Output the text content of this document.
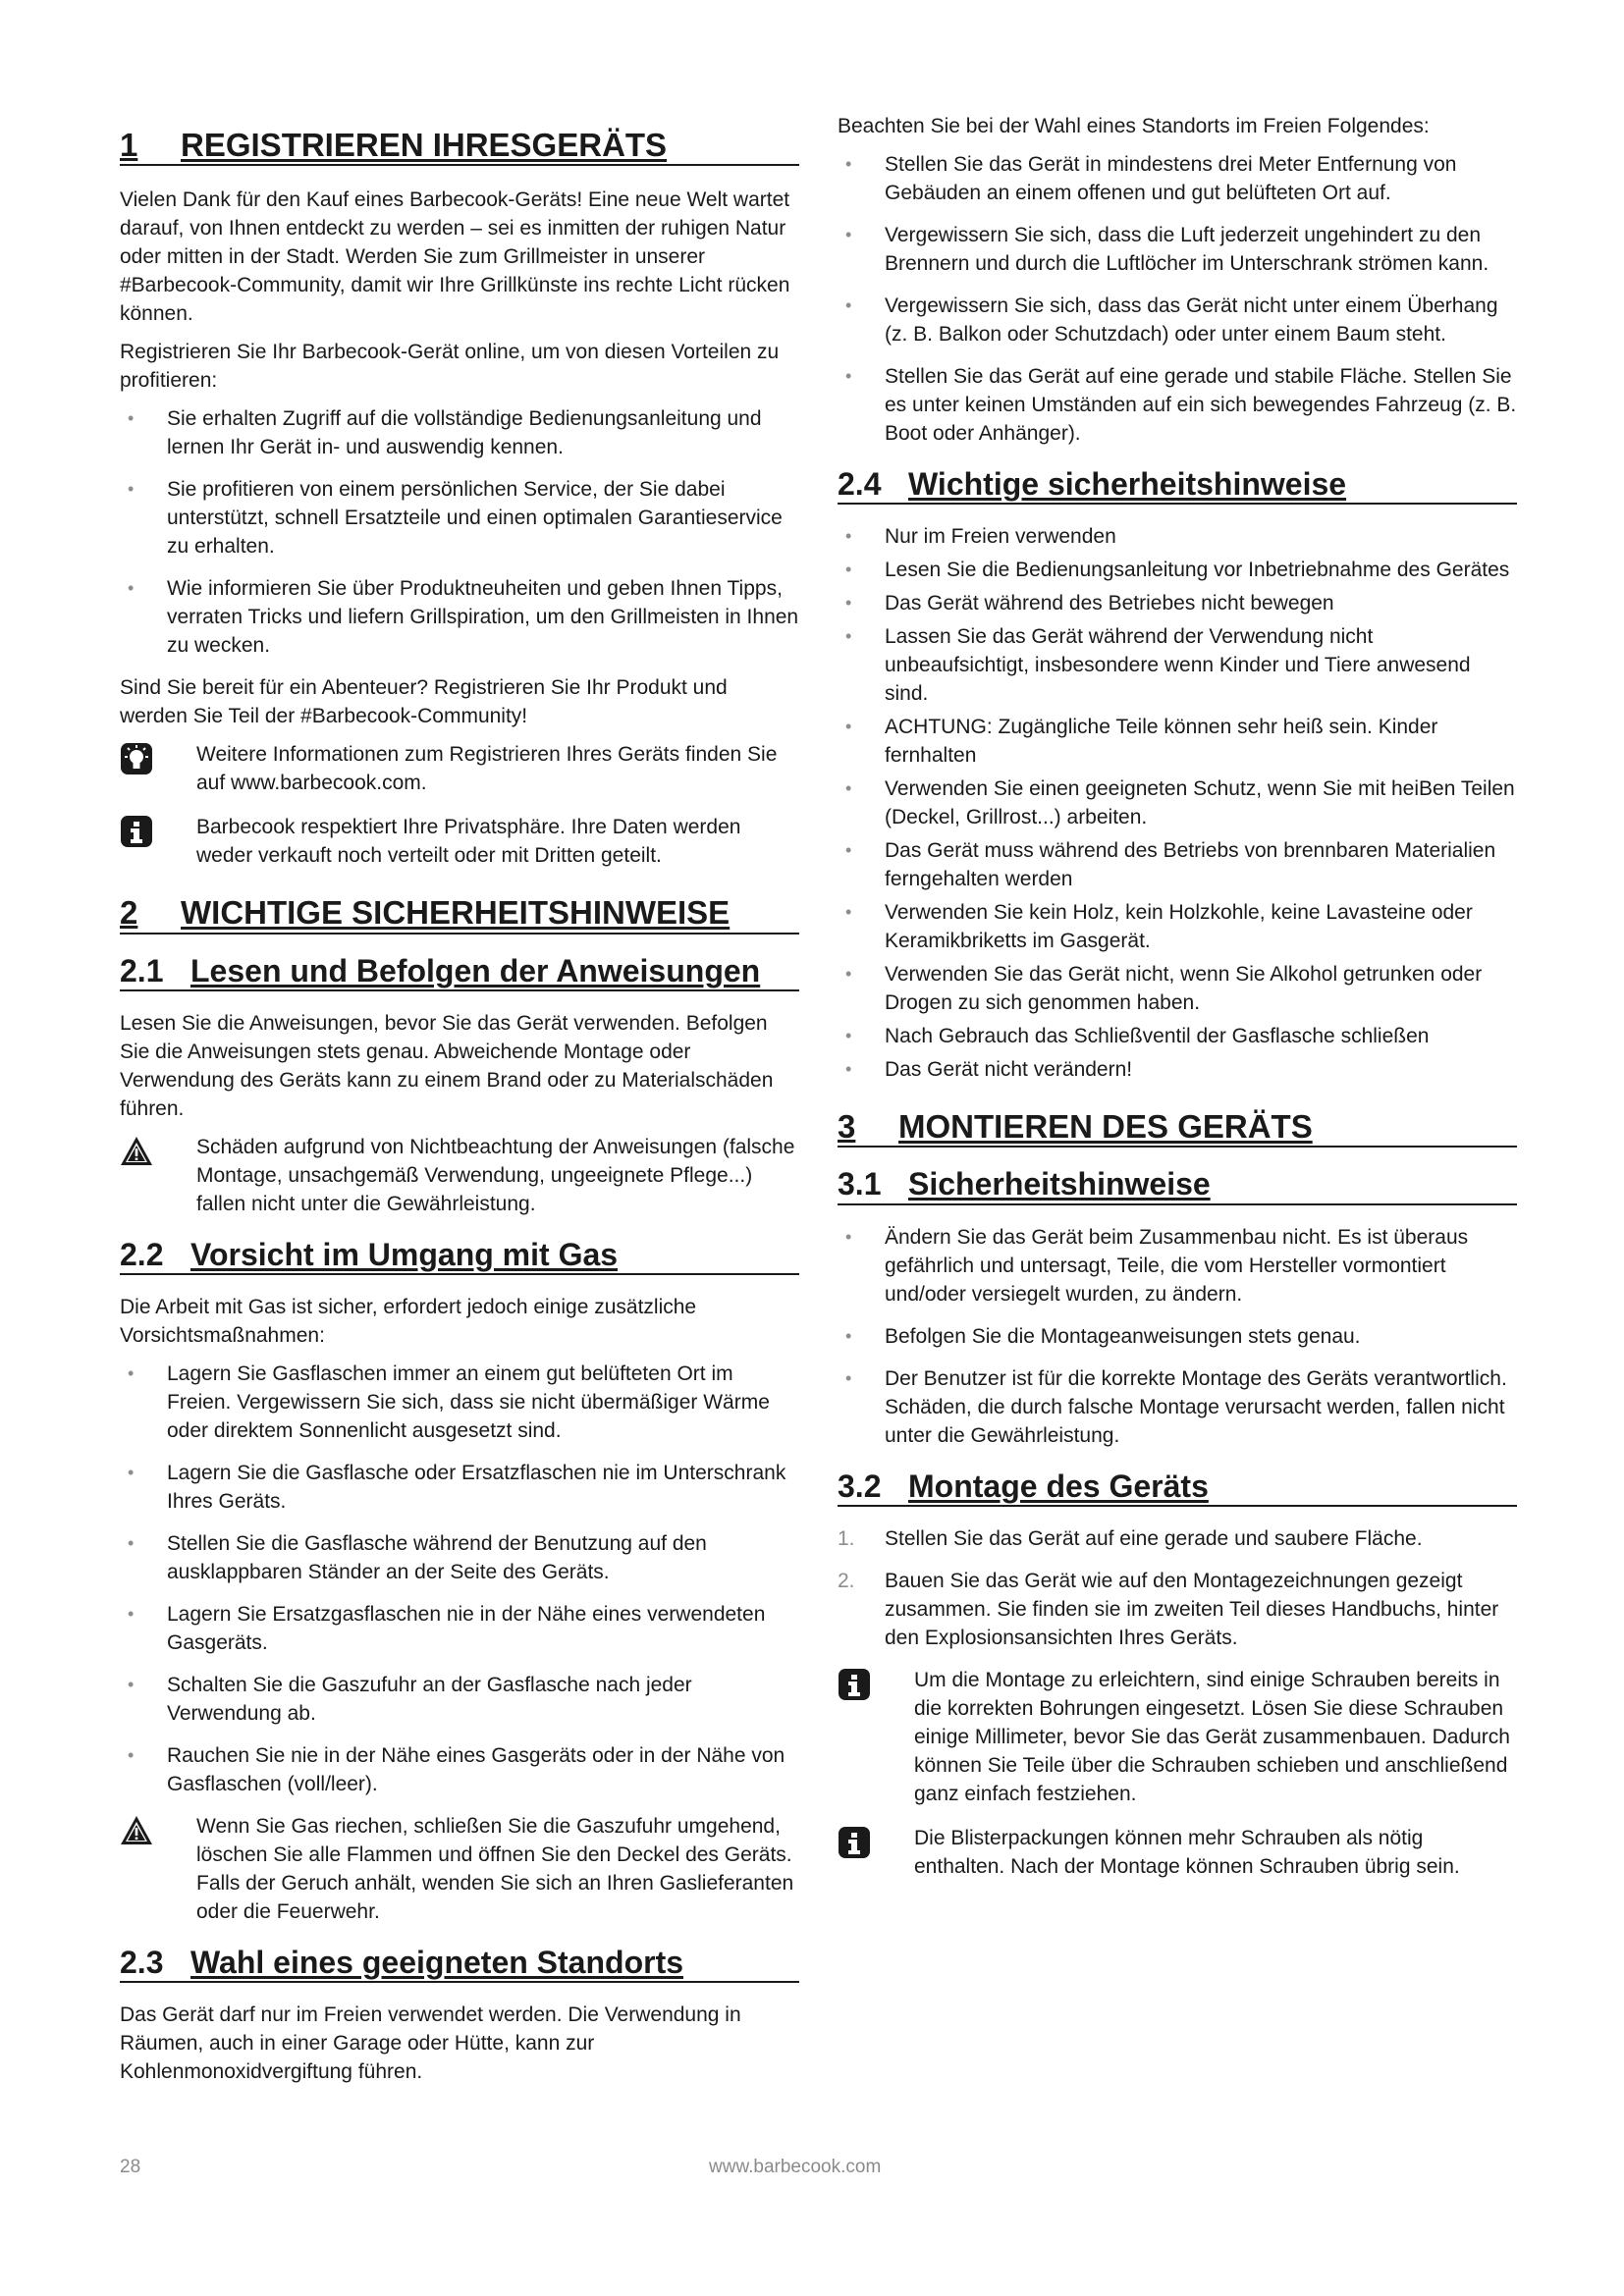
1	REGISTRIEREN IHRESGERÄTS

Vielen Dank für den Kauf eines Barbecook-Geräts! Eine neue Welt wartet darauf, von Ihnen entdeckt zu werden – sei es inmitten der ruhigen Natur oder mitten in der Stadt. Werden Sie zum Grillmeister in unserer #Barbecook-Community, damit wir Ihre Grillkünste ins rechte Licht rücken können.

Registrieren Sie Ihr Barbecook-Gerät online, um von diesen Vorteilen zu profitieren:

• Sie erhalten Zugriff auf die vollständige Bedienungsanleitung und lernen Ihr Gerät in- und auswendig kennen.
• Sie profitieren von einem persönlichen Service, der Sie dabei unterstützt, schnell Ersatzteile und einen optimalen Garantieservice zu erhalten.
• Wie informieren Sie über Produktneuheiten und geben Ihnen Tipps, verraten Tricks und liefern Grillspiration, um den Grillmeisten in Ihnen zu wecken.

Sind Sie bereit für ein Abenteuer? Registrieren Sie Ihr Produkt und werden Sie Teil der #Barbecook-Community!

Weitere Informationen zum Registrieren Ihres Geräts finden Sie auf www.barbecook.com.
Barbecook respektiert Ihre Privatsphäre. Ihre Daten werden weder verkauft noch verteilt oder mit Dritten geteilt.
2	WICHTIGE SICHERHEITSHINWEISE
2.1 Lesen und Befolgen der Anweisungen

Lesen Sie die Anweisungen, bevor Sie das Gerät verwenden. Befolgen Sie die Anweisungen stets genau. Abweichende Montage oder Verwendung des Geräts kann zu einem Brand oder zu Materialschäden führen.

Schäden aufgrund von Nichtbeachtung der Anweisungen (falsche Montage, unsachgemäß Verwendung, ungeeignete Pflege...) fallen nicht unter die Gewährleistung.
2.2 Vorsicht im Umgang mit Gas

Die Arbeit mit Gas ist sicher, erfordert jedoch einige zusätzliche Vorsichtsmaßnahmen:

• Lagern Sie Gasflaschen immer an einem gut belüfteten Ort im Freien. Vergewissern Sie sich, dass sie nicht übermäßiger Wärme oder direktem Sonnenlicht ausgesetzt sind.
• Lagern Sie die Gasflasche oder Ersatzflaschen nie im Unterschrank Ihres Geräts.
• Stellen Sie die Gasflasche während der Benutzung auf den ausklappbaren Ständer an der Seite des Geräts.
• Lagern Sie Ersatzgasflaschen nie in der Nähe eines verwendeten Gasgeräts.
• Schalten Sie die Gaszufuhr an der Gasflasche nach jeder Verwendung ab.
• Rauchen Sie nie in der Nähe eines Gasgeräts oder in der Nähe von Gasflaschen (voll/leer).
Wenn Sie Gas riechen, schließen Sie die Gaszufuhr umgehend, löschen Sie alle Flammen und öffnen Sie den Deckel des Geräts. Falls der Geruch anhält, wenden Sie sich an Ihren Gaslieferanten oder die Feuerwehr.
2.3 Wahl eines geeigneten Standorts

Das Gerät darf nur im Freien verwendet werden. Die Verwendung in Räumen, auch in einer Garage oder Hütte, kann zur Kohlenmonoxidvergiftung führen.

Beachten Sie bei der Wahl eines Standorts im Freien Folgendes:

• Stellen Sie das Gerät in mindestens drei Meter Entfernung von Gebäuden an einem offenen und gut belüfteten Ort auf.
• Vergewissern Sie sich, dass die Luft jederzeit ungehindert zu den Brennern und durch die Luftlöcher im Unterschrank strömen kann.
• Vergewissern Sie sich, dass das Gerät nicht unter einem Überhang (z. B. Balkon oder Schutzdach) oder unter einem Baum steht.
• Stellen Sie das Gerät auf eine gerade und stabile Fläche. Stellen Sie es unter keinen Umständen auf ein sich bewegendes Fahrzeug (z. B. Boot oder Anhänger).
2.4 Wichtige sicherheitshinweise
• Nur im Freien verwenden
• Lesen Sie die Bedienungsanleitung vor Inbetriebnahme des Gerätes
• Das Gerät während des Betriebes nicht bewegen
• Lassen Sie das Gerät während der Verwendung nicht unbeaufsichtigt, insbesondere wenn Kinder und Tiere anwesend sind.
• ACHTUNG: Zugängliche Teile können sehr heiß sein. Kinder fernhalten
• Verwenden Sie einen geeigneten Schutz, wenn Sie mit heiBen Teilen (Deckel, Grillrost...) arbeiten.
• Das Gerät muss während des Betriebs von brennbaren Materialien ferngehalten werden
• Verwenden Sie kein Holz, kein Holzkohle, keine Lavasteine oder Keramikbriketts im Gasgerät.
• Verwenden Sie das Gerät nicht, wenn Sie Alkohol getrunken oder Drogen zu sich genommen haben.
• Nach Gebrauch das Schließventil der Gasflasche schließen
• Das Gerät nicht verändern!
3	MONTIEREN DES GERÄTS
3.1 Sicherheitshinweise
• Ändern Sie das Gerät beim Zusammenbau nicht. Es ist überaus gefährlich und untersagt, Teile, die vom Hersteller vormontiert und/oder versiegelt wurden, zu ändern.
• Befolgen Sie die Montageanweisungen stets genau.
• Der Benutzer ist für die korrekte Montage des Geräts verantwortlich. Schäden, die durch falsche Montage verursacht werden, fallen nicht unter die Gewährleistung.
3.2 Montage des Geräts
1. Stellen Sie das Gerät auf eine gerade und saubere Fläche.
2. Bauen Sie das Gerät wie auf den Montagezeichnungen gezeigt zusammen. Sie finden sie im zweiten Teil dieses Handbuchs, hinter den Explosionsansichten Ihres Geräts.
Um die Montage zu erleichtern, sind einige Schrauben bereits in die korrekten Bohrungen eingesetzt. Lösen Sie diese Schrauben einige Millimeter, bevor Sie das Gerät zusammenbauen. Dadurch können Sie Teile über die Schrauben schieben und anschließend ganz einfach festziehen.
Die Blisterpackungen können mehr Schrauben als nötig enthalten. Nach der Montage können Schrauben übrig sein.
28	www.barbecook.com
